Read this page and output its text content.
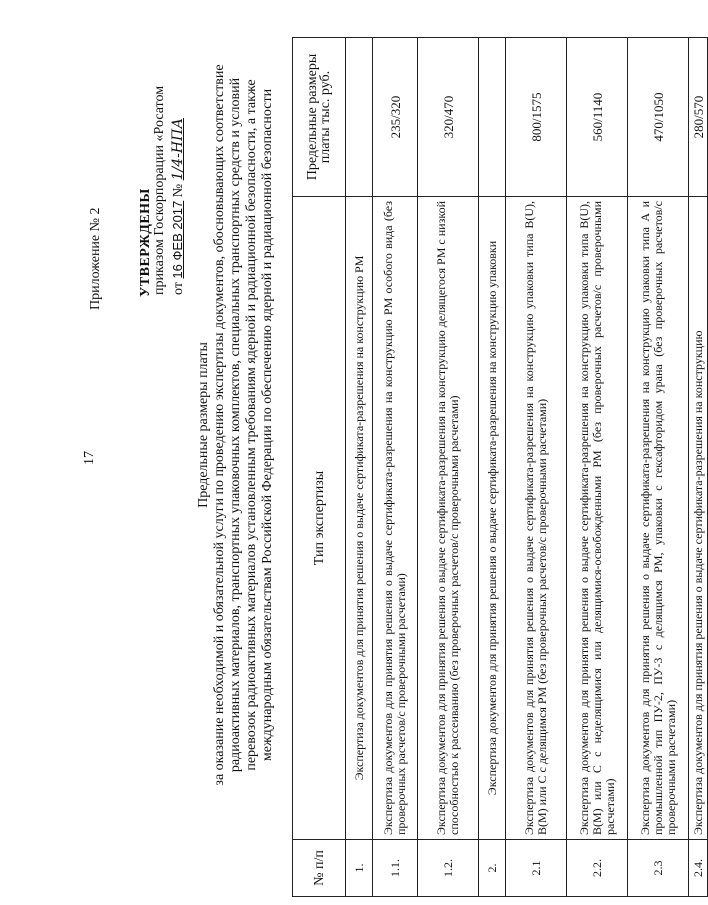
17
Приложение № 2	УТВЕРЖДЕНЫ приказом Госкорпорации «Росатом от 16 ФЕВ 2017 № 1/4-НПА
Предельные размеры платы за оказание необходимой и обязательной услуги по проведению экспертизы документов, обосновывающих соответствие радиоактивных материалов, транспортных упаковочных комплектов, специальных транспортных средств и условий перевозок радиоактивных материалов установленным требованиям ядерной и радиационной безопасности, а также международным обязательствам Российской Федерации по обеспечению ядерной и радиационной безопасности
№ п/п	Тип экспертизы	Предельные размеры платы тыс. руб.
1.	Экспертиза документов для принятия решения о выдаче сертификата-разрешения на конструкцию РМ	
1.1.	Экспертиза документов для принятия решения о выдаче сертификата-разрешения на конструкцию РМ особого вида (без проверочных расчетов/с проверочными расчетами)	235/320
1.2.	Экспертиза документов для принятия решения о выдаче сертификата-разрешения на конструкцию делящегося РМ с низкой способностью к рассеиванию (без проверочных расчетов/с проверочными расчетами)	320/470
2.	Экспертиза документов для принятия решения о выдаче сертификата-разрешения на конструкцию упаковки	
2.1	Экспертиза документов для принятия решения о выдаче сертификата-разрешения на конструкцию упаковки типа B(U), B(M) или C с делящимся РМ (без проверочных расчетов/с проверочными расчетами)	800/1575
2.2.	Экспертиза документов для принятия решения о выдаче сертификата-разрешения на конструкцию упаковки типа B(U), B(M) или C с неделящимися или делящимися-освобожденными РМ (без проверочных расчетов/с проверочными расчетами)	560/1140
2.3	Экспертиза документов для принятия решения о выдаче сертификата-разрешения на конструкцию упаковки типа А и промышленной тип ПУ-2, ПУ-3 с делящимся РМ, упаковки с гексафторидом урана (без проверочных расчетов/с проверочными расчетами)	470/1050
2.4.	Экспертиза документов для принятия решения о выдаче сертификата-разрешения на конструкцию	280/570
